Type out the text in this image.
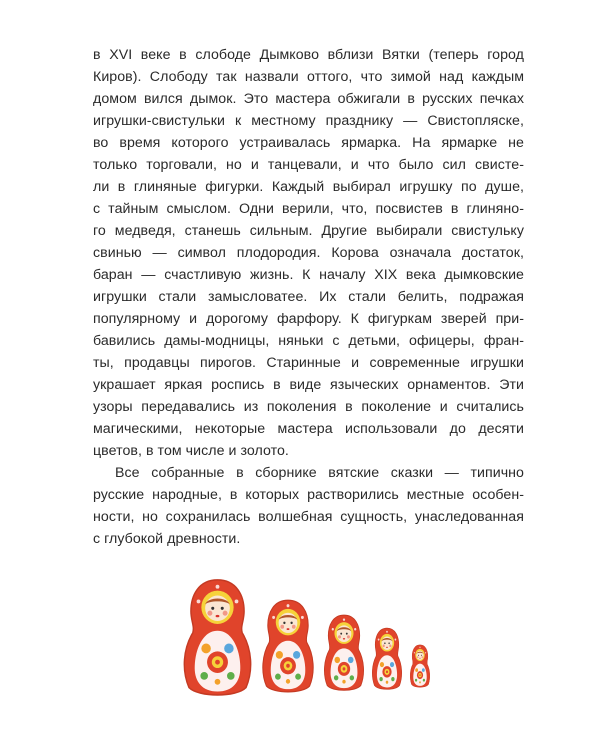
в XVI веке в слободе Дымково вблизи Вятки (теперь город
Киров). Слободу так назвали оттого, что зимой над каждым
домом вился дымок. Это мастера обжигали в русских печках
игрушки-свистульки к местному празднику — Свистопляске,
во время которого устраивалась ярмарка. На ярмарке не
только торговали, но и танцевали, и что было сил свисте-
ли в глиняные фигурки. Каждый выбирал игрушку по душе,
с тайным смыслом. Одни верили, что, посвистев в глиняно-
го медведя, станешь сильным. Другие выбирали свистульку
свинью — символ плодородия. Корова означала достаток,
баран — счастливую жизнь. К началу XIX века дымковские
игрушки стали замысловатее. Их стали белить, подражая
популярному и дорогому фарфору. К фигуркам зверей при-
бавились дамы-модницы, няньки с детьми, офицеры, фран-
ты, продавцы пирогов. Старинные и современные игрушки
украшает яркая роспись в виде языческих орнаментов. Эти
узоры передавались из поколения в поколение и считались
магическими, некоторые мастера использовали до десяти
цветов, в том числе и золото.
Все собранные в сборнике вятские сказки — типично
русские народные, в которых растворились местные особен-
ности, но сохранилась волшебная сущность, унаследованная
с глубокой древности.
